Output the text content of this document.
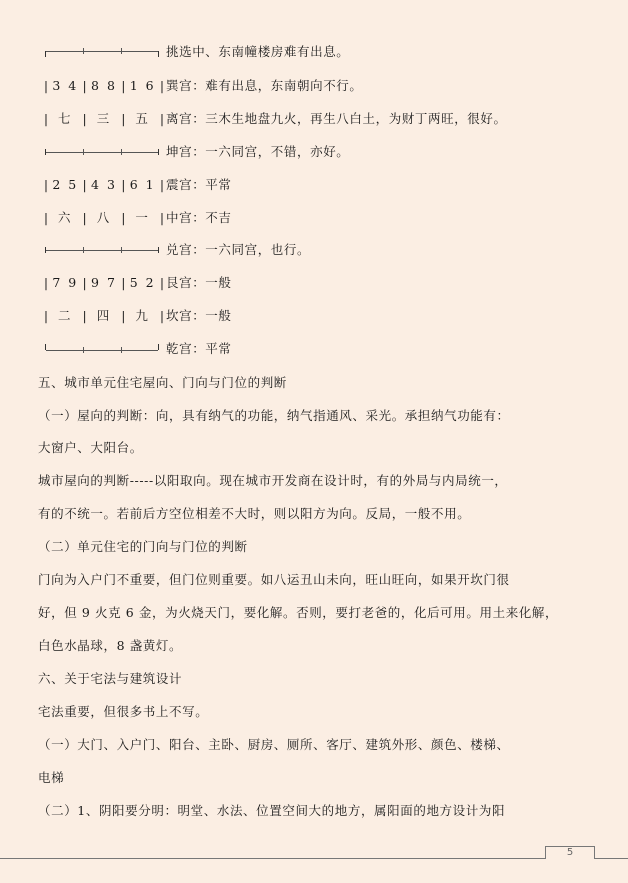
挑选中、东南幢楼房难有出息。
| 3 4 | 8 8 | 1 6 | 巽宫：难有出息，东南朝向不行。
| 七 | 三 | 五 | 离宫：三木生地盘九火，再生八白土，为财丁两旺，很好。
坤宫：一六同宫，不错，亦好。
| 2 5 | 4 3 | 6 1 | 震宫：平常
| 六 | 八 | 一 | 中宫：不吉
兑宫：一六同宫，也行。
| 7 9 | 9 7 | 5 2 | 艮宫：一般
| 二 | 四 | 九 | 坎宫：一般
乾宫：平常
五、城市单元住宅屋向、门向与门位的判断
（一）屋向的判断：向，具有纳气的功能，纳气指通风、采光。承担纳气功能有：
大窗户、大阳台。
城市屋向的判断-----以阳取向。现在城市开发商在设计时，有的外局与内局统一，
有的不统一。若前后方空位相差不大时，则以阳方为向。反局，一般不用。
（二）单元住宅的门向与门位的判断
门向为入户门不重要，但门位则重要。如八运丑山未向，旺山旺向，如果开坎门很
好，但 9 火克 6 金，为火烧天门，要化解。否则，要打老爸的，化后可用。用土来化解，
白色水晶球，8 盏黄灯。
六、关于宅法与建筑设计
宅法重要，但很多书上不写。
（一）大门、入户门、阳台、主卧、厨房、厕所、客厅、建筑外形、颜色、楼梯、
电梯
（二）1、阴阳要分明：明堂、水法、位置空间大的地方，属阳面的地方设计为阳
5
